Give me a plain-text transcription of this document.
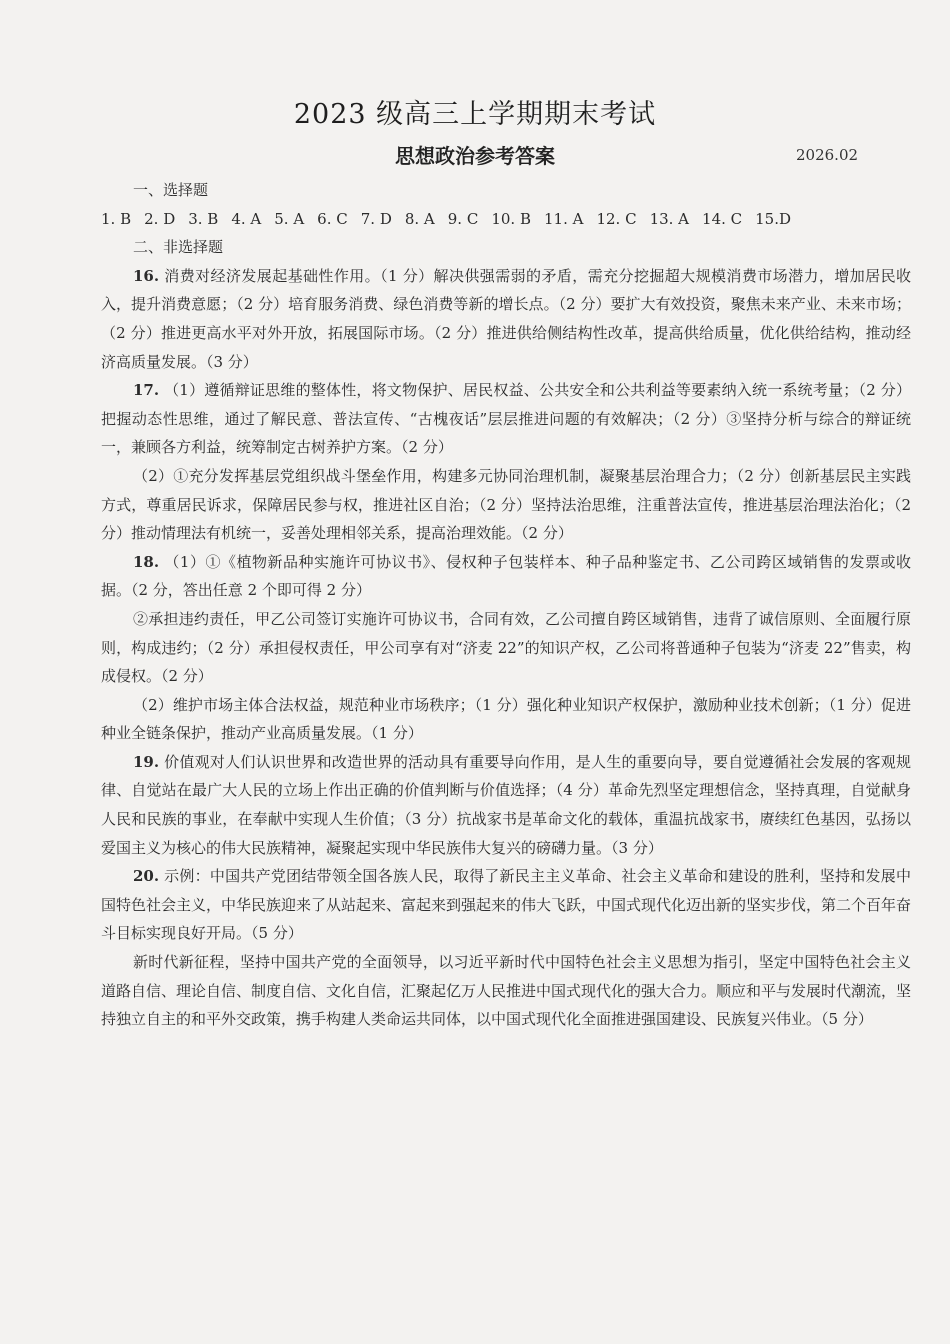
2023 级高三上学期期末考试
思想政治参考答案	2026.02

一、选择题

1. B 2. D 3. B 4. A 5. A 6. C 7. D 8. A 9. C 10. B 11. A 12. C 13. A 14. C 15.D

二、非选择题

16. 消费对经济发展起基础性作用。（1 分）解决供强需弱的矛盾，需充分挖掘超大规模消费市场潜力，增加居民收入，提升消费意愿；（2 分）培育服务消费、绿色消费等新的增长点。（2 分）要扩大有效投资，聚焦未来产业、未来市场；（2 分）推进更高水平对外开放，拓展国际市场。（2 分）推进供给侧结构性改革，提高供给质量，优化供给结构，推动经济高质量发展。（3 分）

17. （1）遵循辩证思维的整体性，将文物保护、居民权益、公共安全和公共利益等要素纳入统一系统考量；（2 分）把握动态性思维，通过了解民意、普法宣传、“古槐夜话”层层推进问题的有效解决；（2 分）③坚持分析与综合的辩证统一，兼顾各方利益，统筹制定古树养护方案。（2 分）

（2）①充分发挥基层党组织战斗堡垒作用，构建多元协同治理机制，凝聚基层治理合力；（2 分）创新基层民主实践方式，尊重居民诉求，保障居民参与权，推进社区自治；（2 分）坚持法治思维，注重普法宣传，推进基层治理法治化；（2 分）推动情理法有机统一，妥善处理相邻关系，提高治理效能。（2 分）

18. （1）①《植物新品种实施许可协议书》、侵权种子包装样本、种子品种鉴定书、乙公司跨区域销售的发票或收据。（2 分，答出任意 2 个即可得 2 分）

②承担违约责任，甲乙公司签订实施许可协议书，合同有效，乙公司擅自跨区域销售，违背了诚信原则、全面履行原则，构成违约；（2 分）承担侵权责任，甲公司享有对“济麦 22”的知识产权，乙公司将普通种子包装为“济麦 22”售卖，构成侵权。（2 分）

（2）维护市场主体合法权益，规范种业市场秩序；（1 分）强化种业知识产权保护，激励种业技术创新；（1 分）促进种业全链条保护，推动产业高质量发展。（1 分）

19. 价值观对人们认识世界和改造世界的活动具有重要导向作用，是人生的重要向导，要自觉遵循社会发展的客观规律、自觉站在最广大人民的立场上作出正确的价值判断与价值选择；（4 分）革命先烈坚定理想信念，坚持真理，自觉献身人民和民族的事业，在奉献中实现人生价值；（3 分）抗战家书是革命文化的载体，重温抗战家书，赓续红色基因，弘扬以爱国主义为核心的伟大民族精神，凝聚起实现中华民族伟大复兴的磅礴力量。（3 分）

20. 示例：中国共产党团结带领全国各族人民，取得了新民主主义革命、社会主义革命和建设的胜利，坚持和发展中国特色社会主义，中华民族迎来了从站起来、富起来到强起来的伟大飞跃，中国式现代化迈出新的坚实步伐，第二个百年奋斗目标实现良好开局。（5 分）

新时代新征程，坚持中国共产党的全面领导，以习近平新时代中国特色社会主义思想为指引，坚定中国特色社会主义道路自信、理论自信、制度自信、文化自信，汇聚起亿万人民推进中国式现代化的强大合力。顺应和平与发展时代潮流，坚持独立自主的和平外交政策，携手构建人类命运共同体，以中国式现代化全面推进强国建设、民族复兴伟业。（5 分）
